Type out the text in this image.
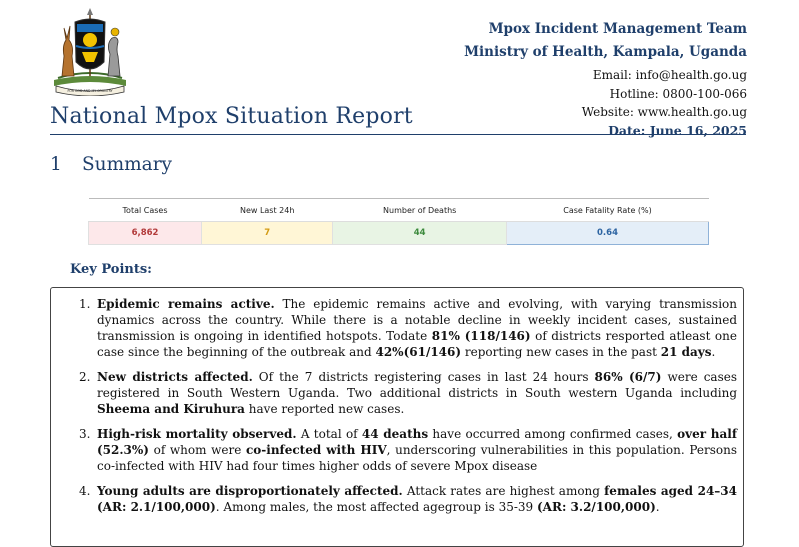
FOR GOD AND MY COUNTRY
Mpox Incident Management Team
Ministry of Health, Kampala, Uganda
Email: info@health.go.ug
Hotline: 0800-100-066
Website: www.health.go.ug
Date: June 16, 2025
National Mpox Situation Report
1 Summary
Total Cases	New Last 24h	Number of Deaths	Case Fatality Rate (%)
6,862	7	44	0.64
Key Points:
1. Epidemic remains active. The epidemic remains active and evolving, with varying transmission dynamics across the country. While there is a notable decline in weekly incident cases, sustained transmission is ongoing in identified hotspots. Todate 81% (118/146) of districts resported atleast one case since the beginning of the outbreak and 42%(61/146) reporting new cases in the past 21 days.
2. New districts affected. Of the 7 districts registering cases in last 24 hours 86% (6/7) were cases registered in South Western Uganda. Two additional districts in South western Uganda including Sheema and Kiruhura have reported new cases.
3. High-risk mortality observed. A total of 44 deaths have occurred among confirmed cases, over half (52.3%) of whom were co-infected with HIV, underscoring vulnerabilities in this population. Persons co-infected with HIV had four times higher odds of severe Mpox disease
4. Young adults are disproportionately affected. Attack rates are highest among females aged 24–34 (AR: 2.1/100,000). Among males, the most affected agegroup is 35-39 (AR: 3.2/100,000).
